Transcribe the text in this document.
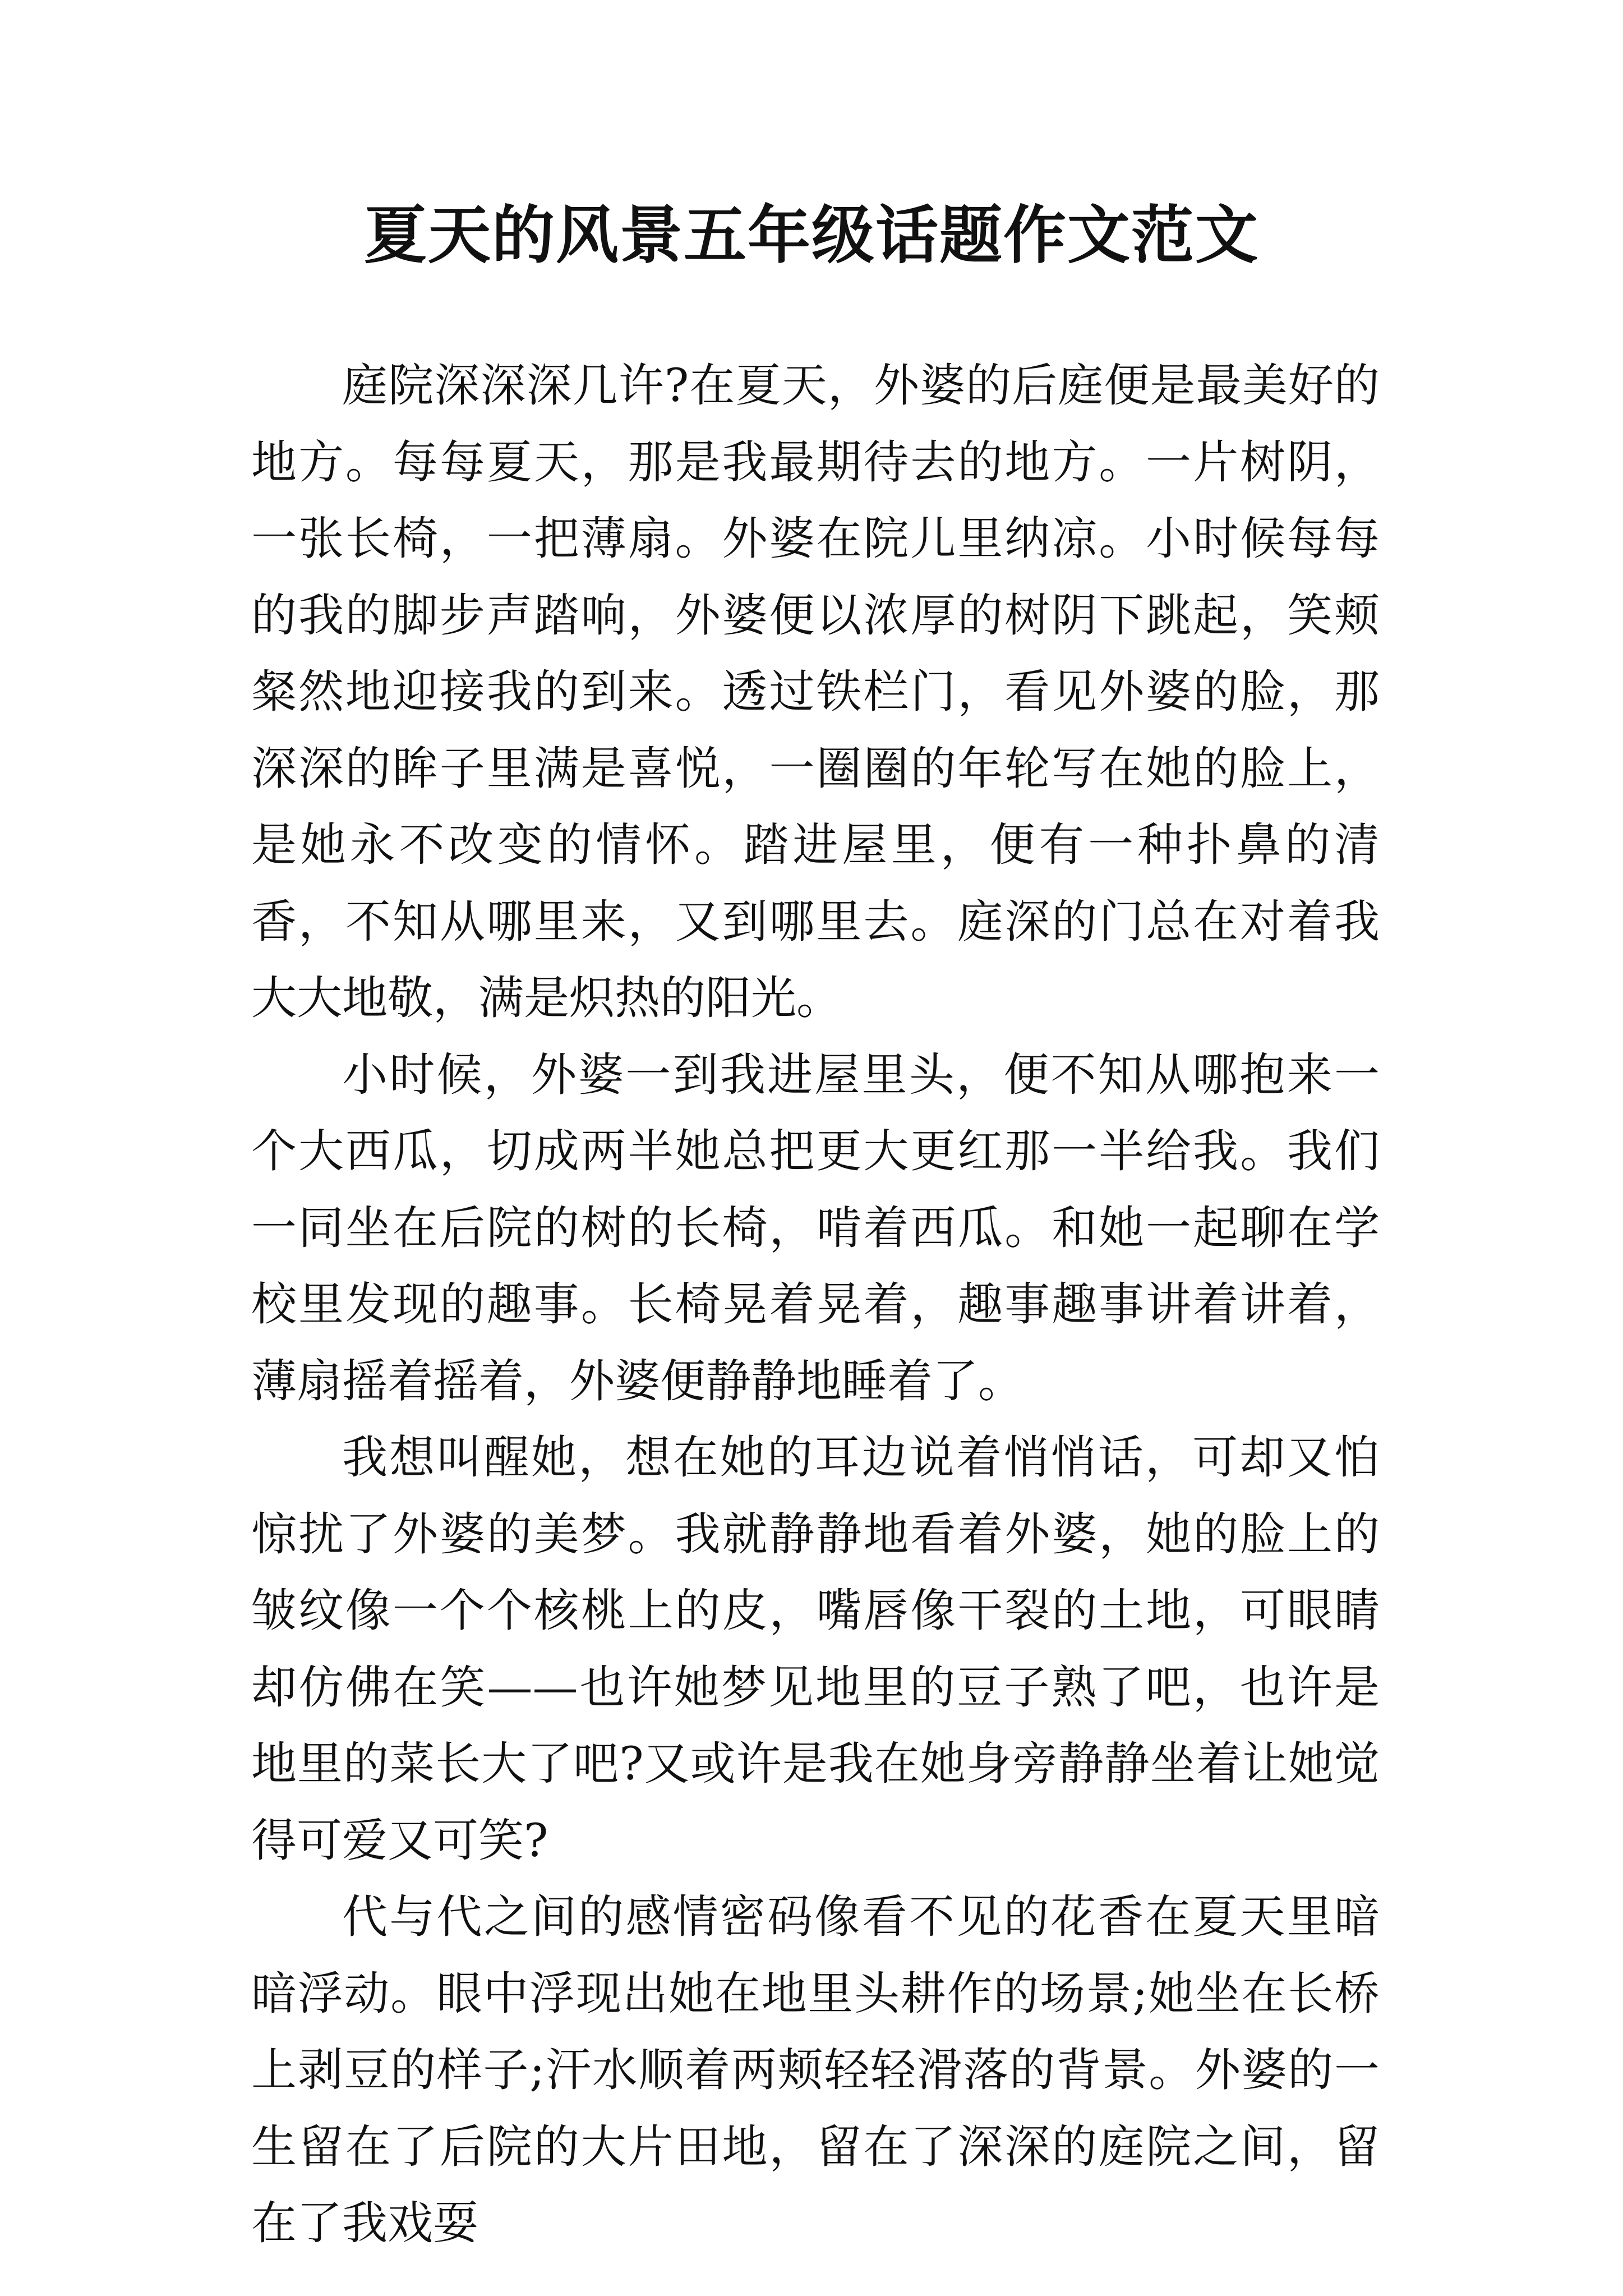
夏天的风景五年级话题作文范文

庭院深深深几许?在夏天，外婆的后庭便是最美好的地方。每每夏天，那是我最期待去的地方。一片树阴，一张长椅，一把薄扇。外婆在院儿里纳凉。小时候每每的我的脚步声踏响，外婆便以浓厚的树阴下跳起，笑颊粲然地迎接我的到来。透过铁栏门，看见外婆的脸，那深深的眸子里满是喜悦，一圈圈的年轮写在她的脸上，是她永不改变的情怀。踏进屋里，便有一种扑鼻的清香，不知从哪里来，又到哪里去。庭深的门总在对着我大大地敬，满是炽热的阳光。

小时候，外婆一到我进屋里头，便不知从哪抱来一个大西瓜，切成两半她总把更大更红那一半给我。我们一同坐在后院的树的长椅，啃着西瓜。和她一起聊在学校里发现的趣事。长椅晃着晃着，趣事趣事讲着讲着，薄扇摇着摇着，外婆便静静地睡着了。

我想叫醒她，想在她的耳边说着悄悄话，可却又怕惊扰了外婆的美梦。我就静静地看着外婆，她的脸上的皱纹像一个个核桃上的皮，嘴唇像干裂的土地，可眼睛却仿佛在笑——也许她梦见地里的豆子熟了吧，也许是地里的菜长大了吧?又或许是我在她身旁静静坐着让她觉得可爱又可笑?

代与代之间的感情密码像看不见的花香在夏天里暗暗浮动。眼中浮现出她在地里头耕作的场景;她坐在长桥上剥豆的样子;汗水顺着两颊轻轻滑落的背景。外婆的一生留在了后院的大片田地，留在了深深的庭院之间，留在了我戏耍
